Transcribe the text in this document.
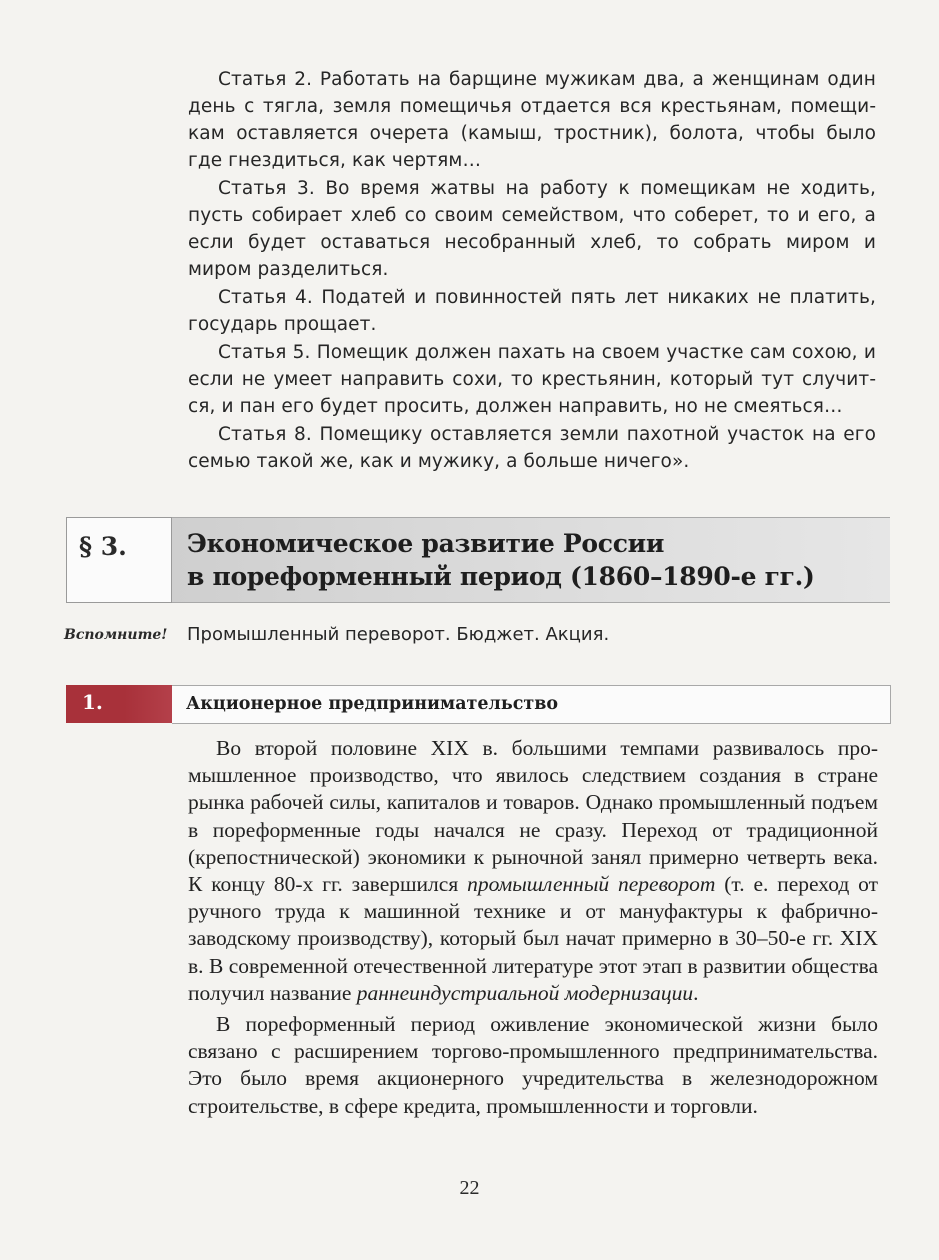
Статья 2. Работать на барщине мужикам два, а женщинам один день с тягла, земля помещичья отдается вся крестьянам, помещикам оставляется очерета (камыш, тростник), болота, чтобы было где гнездиться, как чертям…

Статья 3. Во время жатвы на работу к помещикам не ходить, пусть собирает хлеб со своим семейством, что соберет, то и его, а если будет оставаться несобранный хлеб, то собрать миром и миром разделиться.

Статья 4. Податей и повинностей пять лет никаких не платить, государь прощает.

Статья 5. Помещик должен пахать на своем участке сам сохою, и если не умеет направить сохи, то крестьянин, который тут случится, и пан его будет просить, должен направить, но не смеяться…

Статья 8. Помещику оставляется земли пахотной участок на его семью такой же, как и мужику, а больше ничего».

§ 3. Экономическое развитие России
в пореформенный период (1860–1890-е гг.)
Вспомните! Промышленный переворот. Бюджет. Акция.
1.	Акционерное предпринимательство

Во второй половине XIX в. большими темпами развивалось промышленное производство, что явилось следствием создания в стране рынка рабочей силы, капиталов и товаров. Однако промышленный подъем в пореформенные годы начался не сразу. Переход от традиционной (крепостнической) экономики к рыночной занял примерно четверть века. К концу 80-х гг. завершился промышленный переворот (т. е. переход от ручного труда к машинной технике и от мануфактуры к фабрично-заводскому производству), который был начат примерно в 30–50-е гг. XIX в. В современной отечественной литературе этот этап в развитии общества получил название раннеиндустриальной модернизации.

В пореформенный период оживление экономической жизни было связано с расширением торгово-промышленного предпринимательства. Это было время акционерного учредительства в железнодорожном строительстве, в сфере кредита, промышленности и торговли.

22
